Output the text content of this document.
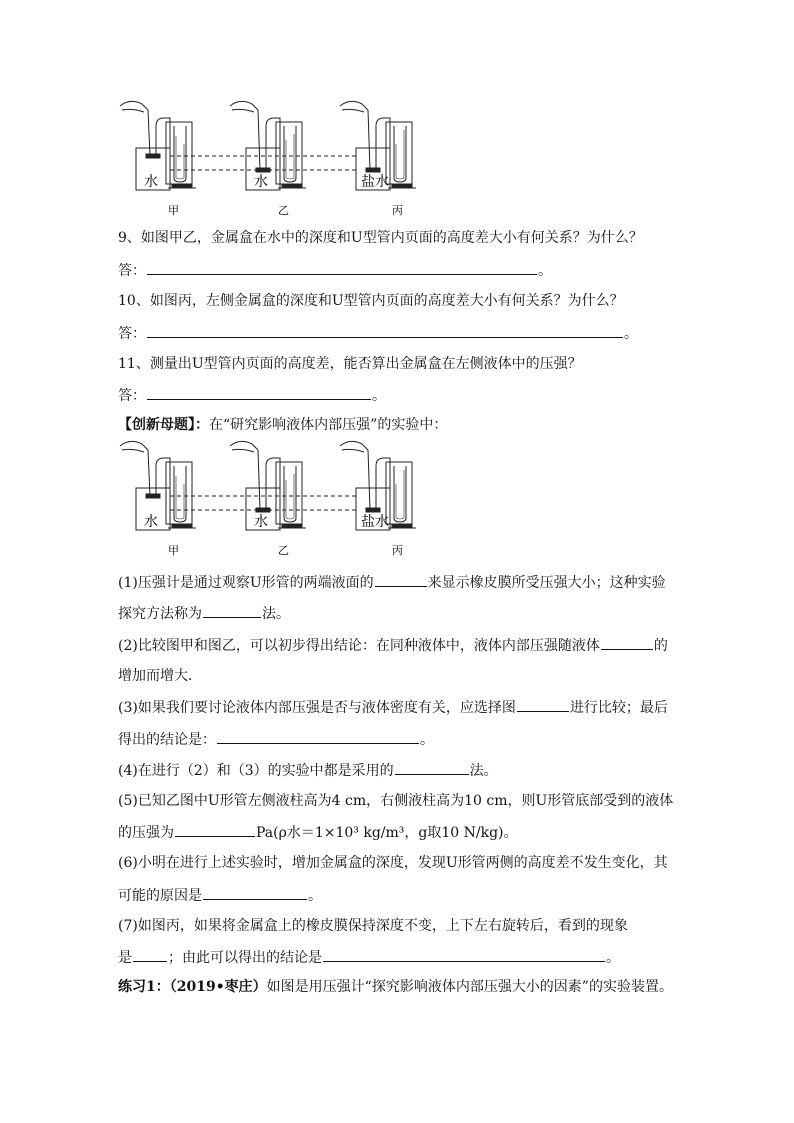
水	水	盐水
甲	乙	丙
9、如图甲乙，金属盒在水中的深度和U型管内页面的高度差大小有何关系？为什么？
答：	。
10、如图丙，左侧金属盒的深度和U型管内页面的高度差大小有何关系？为什么？
答：	。
11、测量出U型管内页面的高度差，能否算出金属盒在左侧液体中的压强？
答：	。
【创新母题】：在“研究影响液体内部压强”的实验中：
水	水	盐水
甲	乙	丙
(1)压强计是通过观察U形管的两端液面的	来显示橡皮膜所受压强大小；这种实验
探究方法称为	法。
(2)比较图甲和图乙，可以初步得出结论：在同种液体中，液体内部压强随液体	的
增加而增大．
(3)如果我们要讨论液体内部压强是否与液体密度有关，应选择图	进行比较；最后
得出的结论是：	。
(4)在进行（2）和（3）的实验中都是采用的	法。
(5)已知乙图中U形管左侧液柱高为4 cm，右侧液柱高为10 cm，则U形管底部受到的液体
的压强为	Pa(ρ水＝1×10³ kg/m³，g取10 N/kg)。
(6)小明在进行上述实验时，增加金属盒的深度，发现U形管两侧的高度差不发生变化，其
可能的原因是	。
(7)如图丙，如果将金属盒上的橡皮膜保持深度不变，上下左右旋转后，看到的现象
是	；由此可以得出的结论是	。
练习1：（2019•枣庄）如图是用压强计“探究影响液体内部压强大小的因素”的实验装置。
